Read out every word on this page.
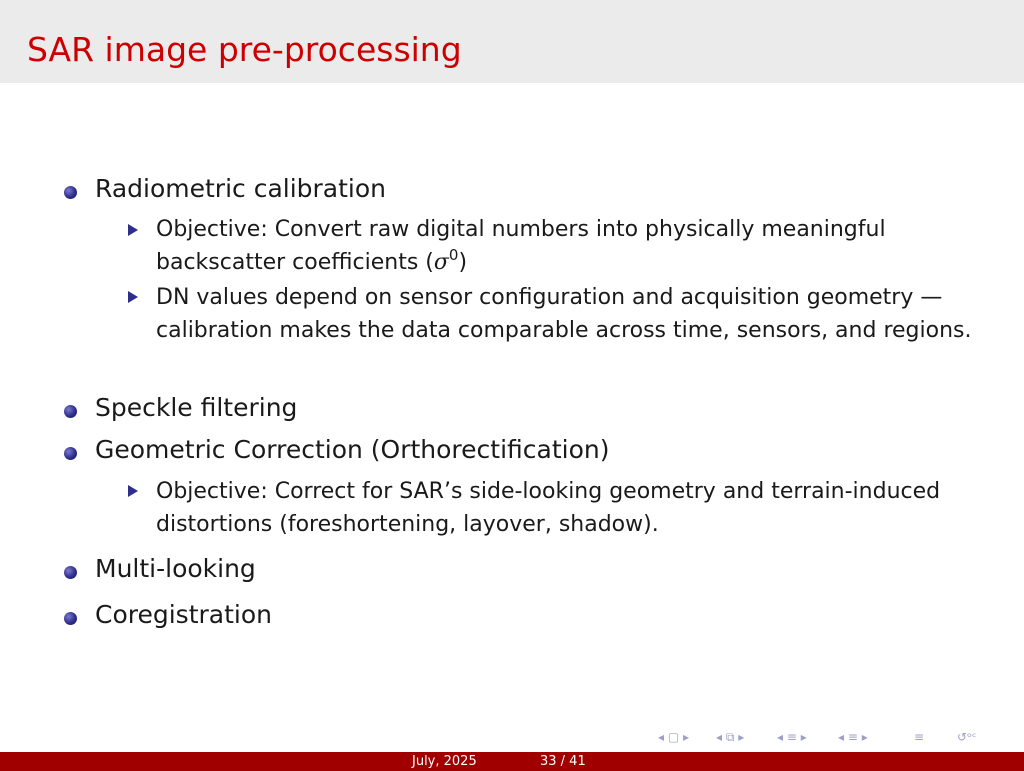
SAR image pre-processing
Radiometric calibration
Objective: Convert raw digital numbers into physically meaningful backscatter coefficients $(\sigma^0)$
DN values depend on sensor configuration and acquisition geometry — calibration makes the data comparable across time, sensors, and regions.
Speckle filtering
Geometric Correction (Orthorectification)
Objective: Correct for SAR’s side-looking geometry and terrain-induced distortions (foreshortening, layover, shadow).
Multi-looking
Coregistration
◂ ▢ ▸ ◂ ⧉ ▸	◂ ≡ ▸	◂ ≡ ▸	≡	↺ᵒᶜ
July, 2025	33 / 41
